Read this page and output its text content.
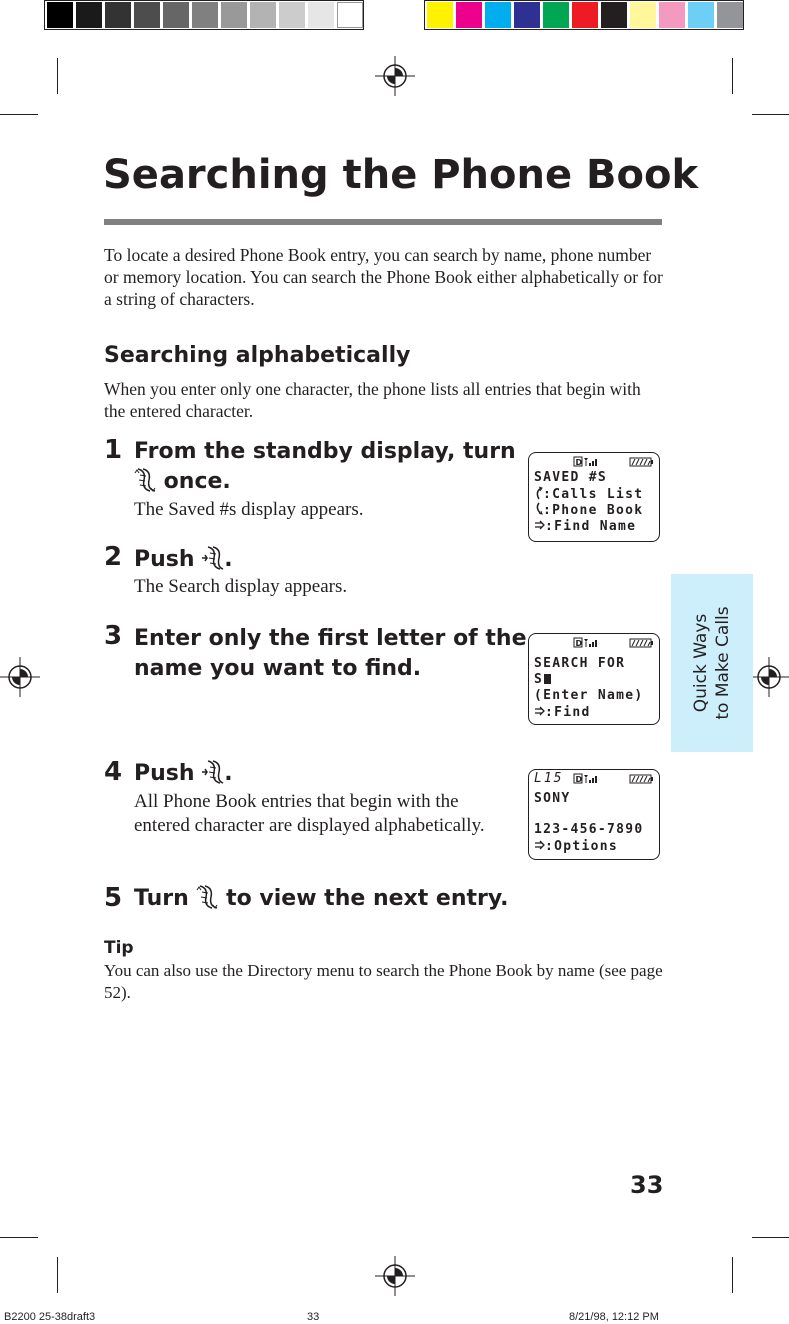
Searching the Phone Book
To locate a desired Phone Book entry, you can search by name, phone number or memory location. You can search the Phone Book either alphabetically or for a string of characters.
Searching alphabetically
When you enter only one character, the phone lists all entries that begin with the entered character.
1 From the standby display, turn
once.
The Saved #s display appears.
2 Push .
The Search display appears.
3 Enter only the first letter of the
name you want to find.
4 Push .
All Phone Book entries that begin with the entered character are displayed alphabetically.
5 Turn to view the next entry.
D
SAVED #S
:Calls List
:Phone Book
:Find Name
D
SEARCH FOR
S
(Enter Name)
:Find
L15 D
SONY
123-456-7890
:Options
Quick Ways to Make Calls
Tip
You can also use the Directory menu to search the Phone Book by name (see page 52).
33
B2200 25-38draft3	33	8/21/98, 12:12 PM
